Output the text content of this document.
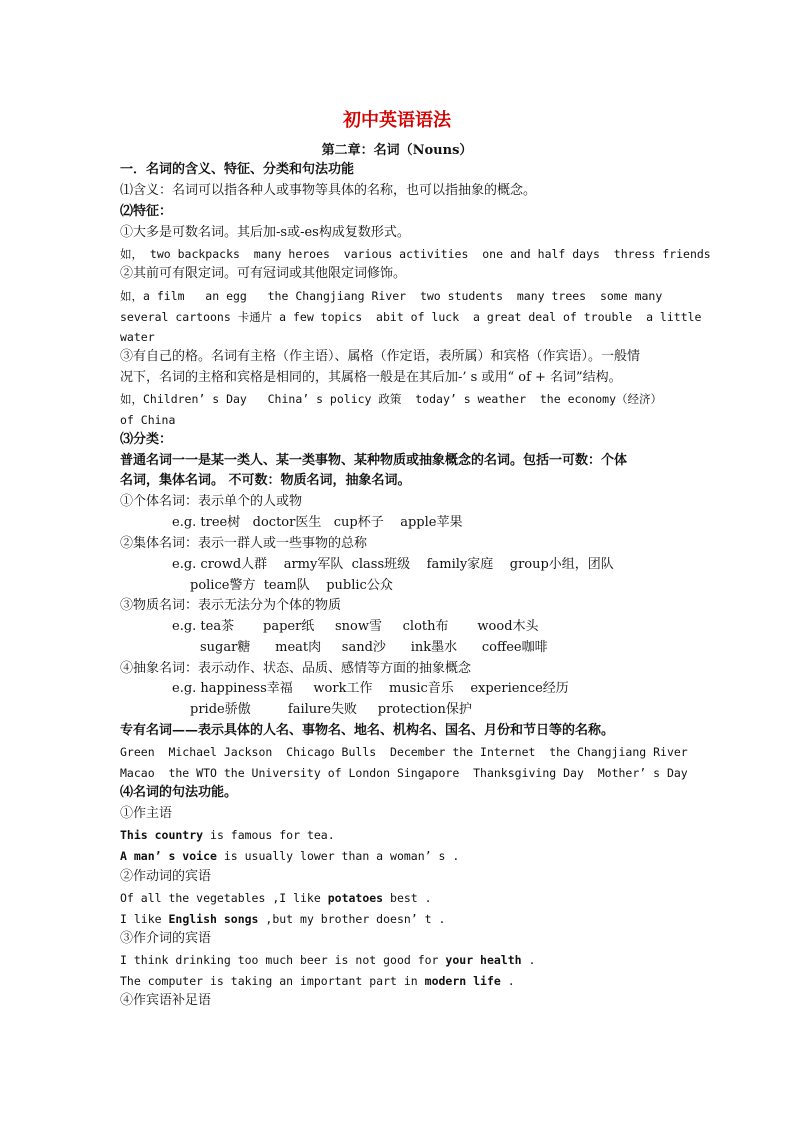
初中英语语法
第二章：名词（Nouns）
一．名词的含义、特征、分类和句法功能
⑴含义：名词可以指各种人或事物等具体的名称，也可以指抽象的概念。
⑵特征：
①大多是可数名词。其后加-s或-es构成复数形式。
如， two backpacks  many heroes  various activities  one and half days  thress friends
②其前可有限定词。可有冠词或其他限定词修饰。
如，a film   an egg   the Changjiang River  two students  many trees  some many
several cartoons 卡通片 a few topics  abit of luck  a great deal of trouble  a little
water
③有自己的格。名词有主格（作主语）、属格（作定语，表所属）和宾格（作宾语）。一般情
况下，名词的主格和宾格是相同的，其属格一般是在其后加-’ s 或用“ of + 名词”结构。
如，Children’ s Day   China’ s policy 政策  today’ s weather  the economy（经济）
of China
⑶分类：
普通名词一一是某一类人、某一类事物、某种物质或抽象概念的名词。包括一可数：个体
名词，集体名词。 不可数：物质名词，抽象名词。
①个体名词：表示单个的人或物
e.g. tree树   doctor医生   cup杯子    apple苹果
②集体名词：表示一群人或一些事物的总称
e.g. crowd人群    army军队  class班级    family家庭    group小组，团队
police警方  team队    public公众
③物质名词：表示无法分为个体的物质
e.g. tea茶       paper纸     snow雪     cloth布       wood木头
sugar糖      meat肉     sand沙      ink墨水      coffee咖啡
④抽象名词：表示动作、状态、品质、感情等方面的抽象概念
e.g. happiness幸福     work工作    music音乐    experience经历
pride骄傲         failure失败     protection保护
专有名词——表示具体的人名、事物名、地名、机构名、国名、月份和节日等的名称。
Green  Michael Jackson  Chicago Bulls  December the Internet  the Changjiang River
Macao  the WTO the University of London Singapore  Thanksgiving Day  Mother’ s Day
⑷名词的句法功能。
①作主语
This country is famous for tea.
A man’ s voice is usually lower than a woman’ s .
②作动词的宾语
Of all the vegetables ,I like potatoes best .
I like English songs ,but my brother doesn’ t .
③作介词的宾语
I think drinking too much beer is not good for your health .
The computer is taking an important part in modern life .
④作宾语补足语
